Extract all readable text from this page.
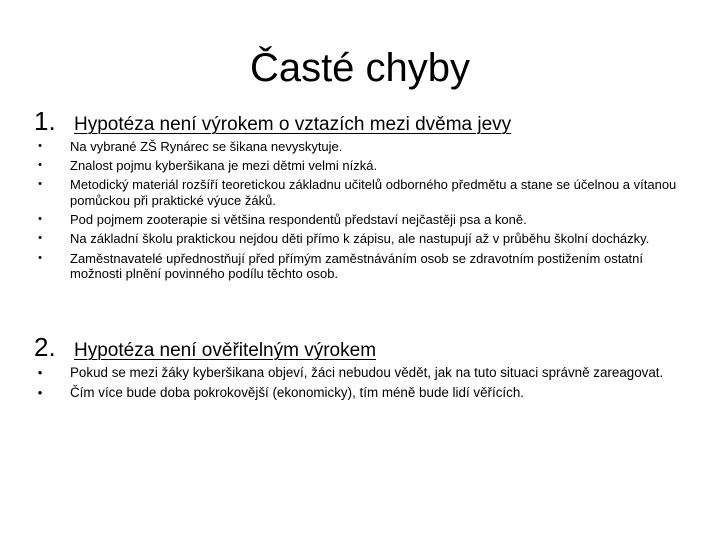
Časté chyby
1. Hypotéza není výrokem o vztazích mezi dvěma jevy
•	Na vybrané ZŠ Rynárec se šikana nevyskytuje.
•	Znalost pojmu kyberšikana je mezi dětmi velmi nízká.
•	Metodický materiál rozšíří teoretickou základnu učitelů odborného předmětu a stane se účelnou a vítanou pomůckou při praktické výuce žáků.
•	Pod pojmem zooterapie si většina respondentů představí nejčastěji psa a koně.
•	Na základní školu praktickou nejdou děti přímo k zápisu, ale nastupují až v průběhu školní docházky.
•	Zaměstnavatelé upřednostňují před přímým zaměstnáváním osob se zdravotním postižením ostatní možnosti plnění povinného podílu těchto osob.
2. Hypotéza není ověřitelným výrokem
• Pokud se mezi žáky kyberšikana objeví, žáci nebudou vědět, jak na tuto situaci správně zareagovat.
• Čím více bude doba pokrokovější (ekonomicky), tím méně bude lidí věřících.
